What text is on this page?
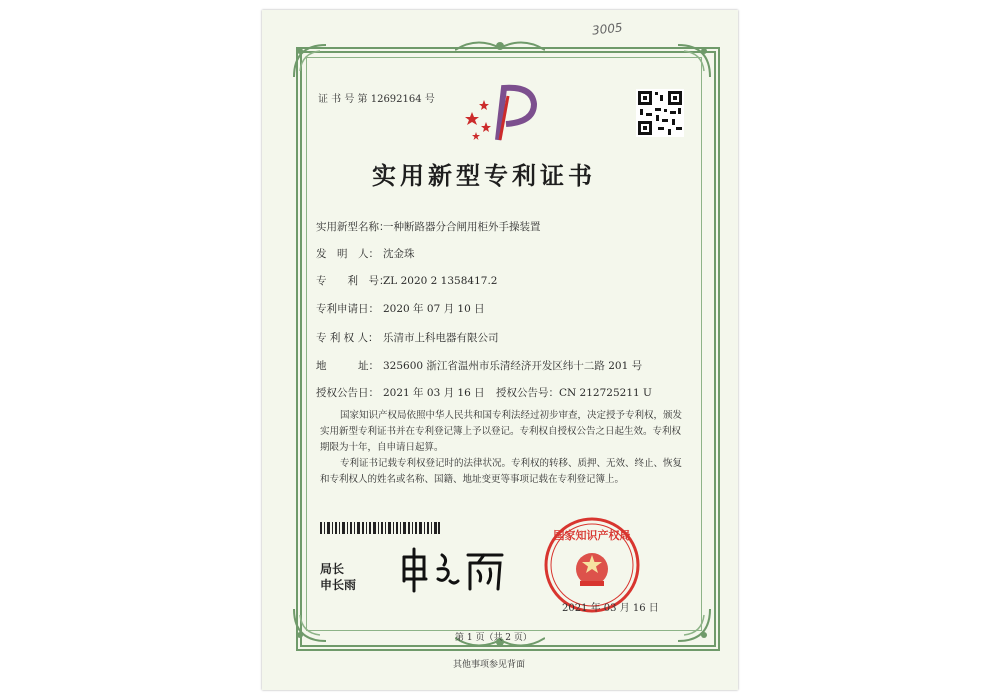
3005
证 书 号 第 12692164 号
实用新型专利证书
实用新型名称：一种断路器分合闸用柜外手操装置
发　明　人： 沈金珠
专　　利　号：ZL 2020 2 1358417.2
专利申请日： 2020 年 07 月 10 日
专 利 权 人： 乐清市上科电器有限公司
地　　　址： 325600 浙江省温州市乐清经济开发区纬十二路 201 号
授权公告日： 2021 年 03 月 16 日 授权公告号：CN 212725211 U
国家知识产权局依照中华人民共和国专利法经过初步审查，决定授予专利权，颁发实用新型专利证书并在专利登记簿上予以登记。专利权自授权公告之日起生效。专利权期限为十年，自申请日起算。
专利证书记载专利权登记时的法律状况。专利权的转移、质押、无效、终止、恢复和专利权人的姓名或名称、国籍、地址变更等事项记载在专利登记簿上。
局长
申长雨
国家知识产权局
2021 年 03 月 16 日
第 1 页（共 2 页）
其他事项参见背面
